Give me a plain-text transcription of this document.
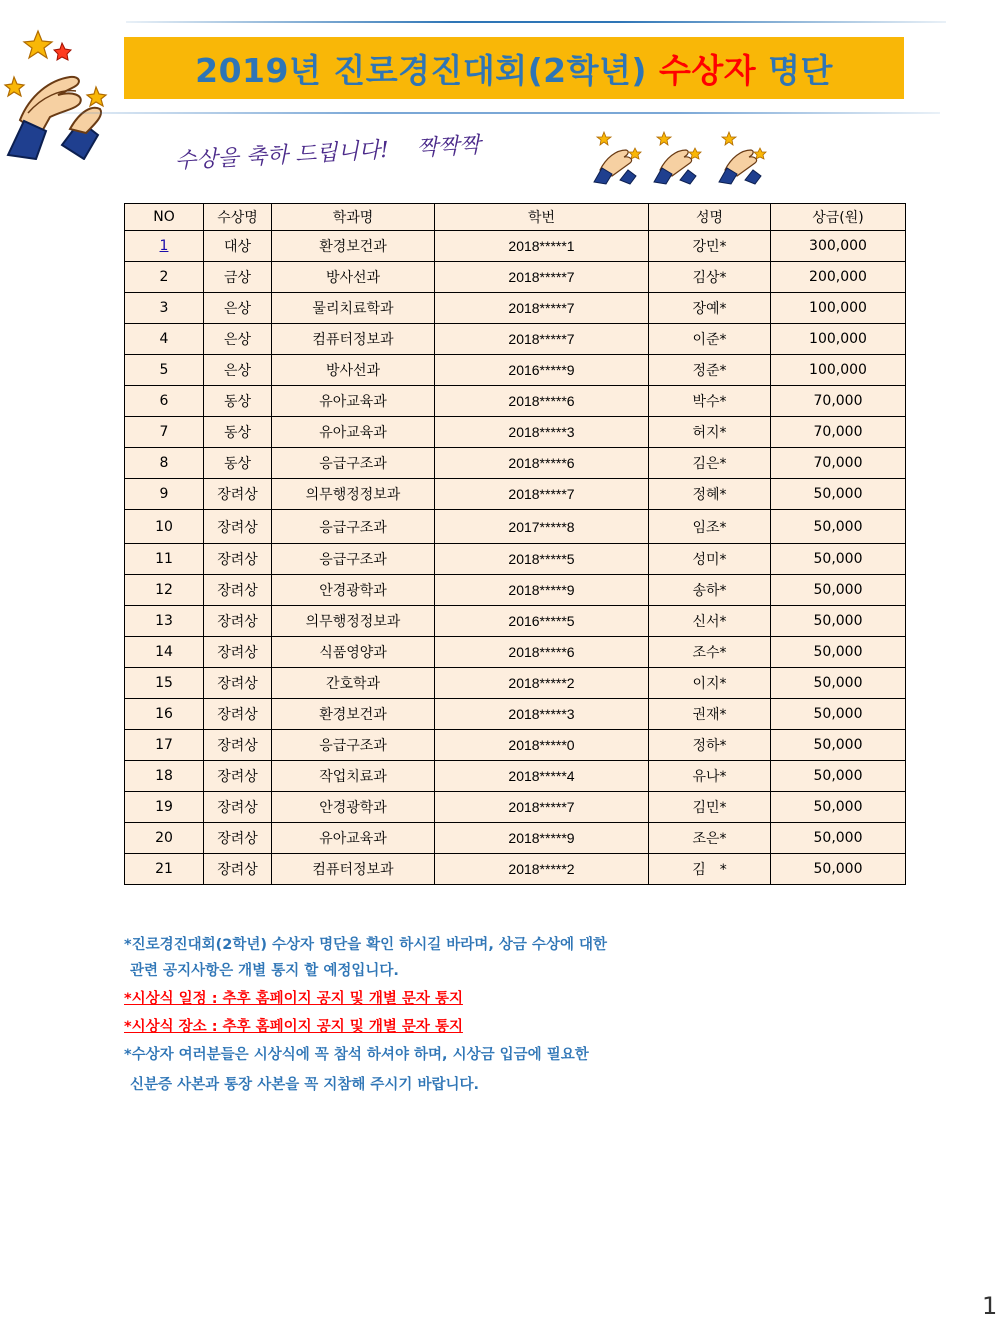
2019년 진로경진대회(2학년) 수상자 명단
수상을 축하 드립니다! 짝짝짝
NO	수상명	학과명	학번	성명	상금(원)
1	대상	환경보건과	2018*****1	강민*	300,000
2	금상	방사선과	2018*****7	김상*	200,000
3	은상	물리치료학과	2018*****7	장예*	100,000
4	은상	컴퓨터정보과	2018*****7	이준*	100,000
5	은상	방사선과	2016*****9	정준*	100,000
6	동상	유아교육과	2018*****6	박수*	70,000
7	동상	유아교육과	2018*****3	허지*	70,000
8	동상	응급구조과	2018*****6	김은*	70,000
9	장려상	의무행정정보과	2018*****7	정혜*	50,000
10	장려상	응급구조과	2017*****8	임조*	50,000
11	장려상	응급구조과	2018*****5	성미*	50,000
12	장려상	안경광학과	2018*****9	송하*	50,000
13	장려상	의무행정정보과	2016*****5	신서*	50,000
14	장려상	식품영양과	2018*****6	조수*	50,000
15	장려상	간호학과	2018*****2	이지*	50,000
16	장려상	환경보건과	2018*****3	권재*	50,000
17	장려상	응급구조과	2018*****0	정하*	50,000
18	장려상	작업치료과	2018*****4	유나*	50,000
19	장려상	안경광학과	2018*****7	김민*	50,000
20	장려상	유아교육과	2018*****9	조은*	50,000
21	장려상	컴퓨터정보과	2018*****2	김　*	50,000

*진로경진대회(2학년) 수상자 명단을 확인 하시길 바라며, 상금 수상에 대한

관련 공지사항은 개별 통지 할 예정입니다.

*시상식 일정 : 추후 홈페이지 공지 및 개별 문자 통지

*시상식 장소 : 추후 홈페이지 공지 및 개별 문자 통지

*수상자 여러분들은 시상식에 꼭 참석 하셔야 하며, 시상금 입금에 필요한

신분증 사본과 통장 사본을 꼭 지참해 주시기 바랍니다.

1
